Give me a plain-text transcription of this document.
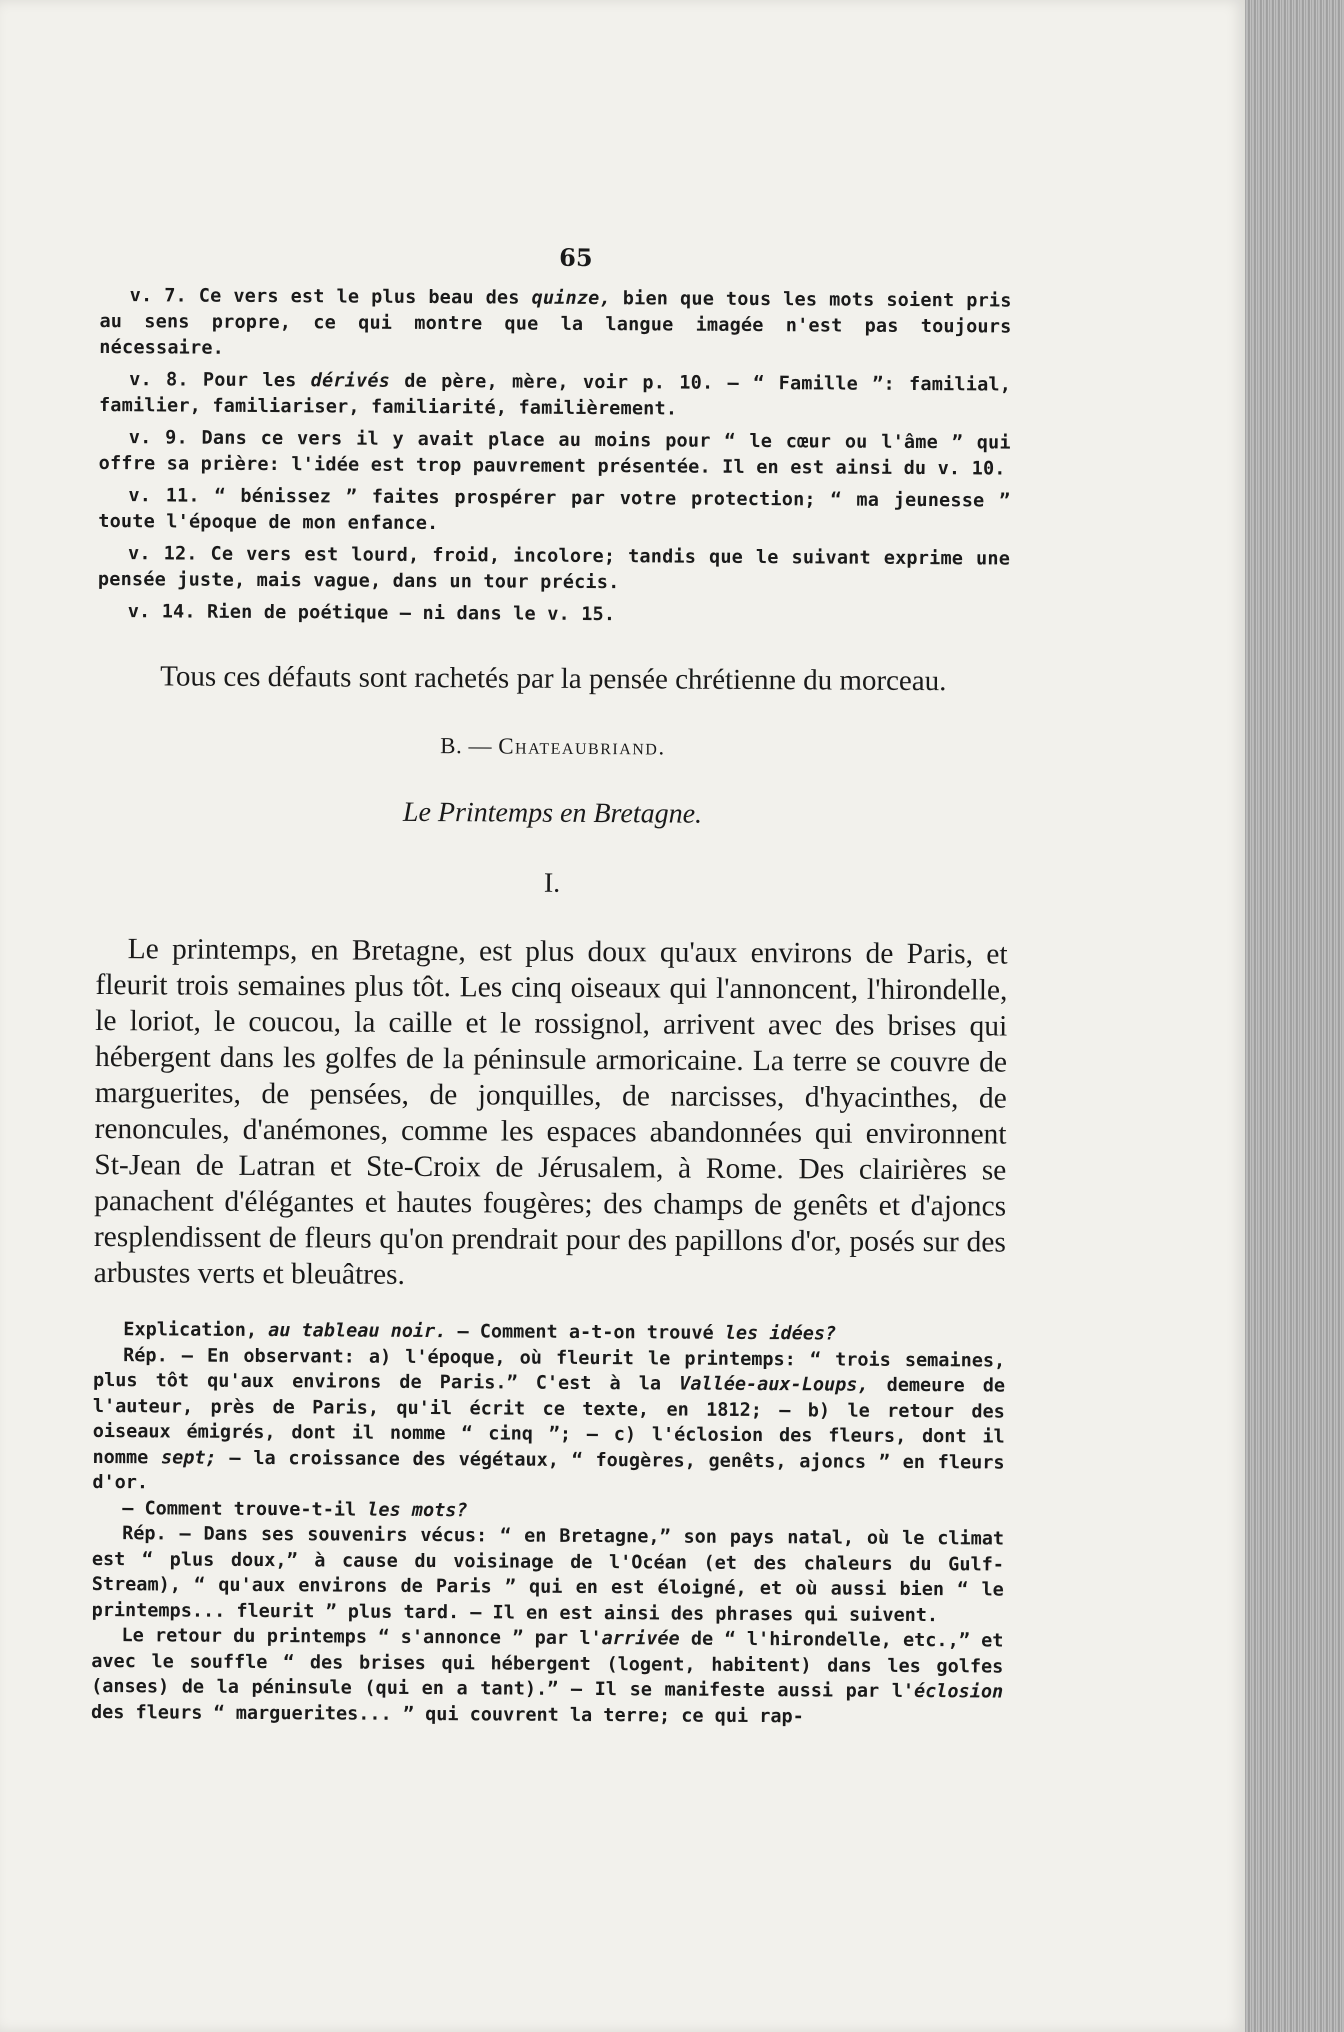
65

v. 7. Ce vers est le plus beau des quinze, bien que tous les mots soient pris au sens propre, ce qui montre que la langue imagée n'est pas toujours nécessaire.

v. 8. Pour les dérivés de père, mère, voir p. 10. — “ Famille ”: familial, familier, familiariser, familiarité, familièrement.

v. 9. Dans ce vers il y avait place au moins pour “ le cœur ou l'âme ” qui offre sa prière: l'idée est trop pauvrement présentée. Il en est ainsi du v. 10.

v. 11. “ bénissez ” faites prospérer par votre protection; “ ma jeunesse ” toute l'époque de mon enfance.

v. 12. Ce vers est lourd, froid, incolore; tandis que le suivant exprime une pensée juste, mais vague, dans un tour précis.

v. 14. Rien de poétique — ni dans le v. 15.

Tous ces défauts sont rachetés par la pensée chrétienne du morceau.

B. — Chateaubriand.

Le Printemps en Bretagne.

I.

Le printemps, en Bretagne, est plus doux qu'aux environs de Paris, et fleurit trois semaines plus tôt. Les cinq oiseaux qui l'annoncent, l'hirondelle, le loriot, le coucou, la caille et le rossignol, arrivent avec des brises qui hébergent dans les golfes de la péninsule armoricaine. La terre se couvre de marguerites, de pensées, de jonquilles, de narcisses, d'hyacinthes, de renoncules, d'anémones, comme les espaces abandonnées qui environnent St-Jean de Latran et Ste-Croix de Jérusalem, à Rome. Des clairières se panachent d'élégantes et hautes fougères; des champs de genêts et d'ajoncs resplendissent de fleurs qu'on prendrait pour des papillons d'or, posés sur des arbustes verts et bleuâtres.

Explication, au tableau noir. — Comment a-t-on trouvé les idées?

Rép. — En observant: a) l'époque, où fleurit le printemps: “ trois semaines, plus tôt qu'aux environs de Paris.” C'est à la Vallée-aux-Loups, demeure de l'auteur, près de Paris, qu'il écrit ce texte, en 1812; — b) le retour des oiseaux émigrés, dont il nomme “ cinq ”; — c) l'éclosion des fleurs, dont il nomme sept; — la croissance des végétaux, “ fougères, genêts, ajoncs ” en fleurs d'or.

— Comment trouve-t-il les mots?

Rép. — Dans ses souvenirs vécus: “ en Bretagne,” son pays natal, où le climat est “ plus doux,” à cause du voisinage de l'Océan (et des chaleurs du Gulf-Stream), “ qu'aux environs de Paris ” qui en est éloigné, et où aussi bien “ le printemps... fleurit ” plus tard. — Il en est ainsi des phrases qui suivent.

Le retour du printemps “ s'annonce ” par l'arrivée de “ l'hirondelle, etc.,” et avec le souffle “ des brises qui hébergent (logent, habitent) dans les golfes (anses) de la péninsule (qui en a tant).” — Il se manifeste aussi par l'éclosion des fleurs “ marguerites... ” qui couvrent la terre; ce qui rap-
